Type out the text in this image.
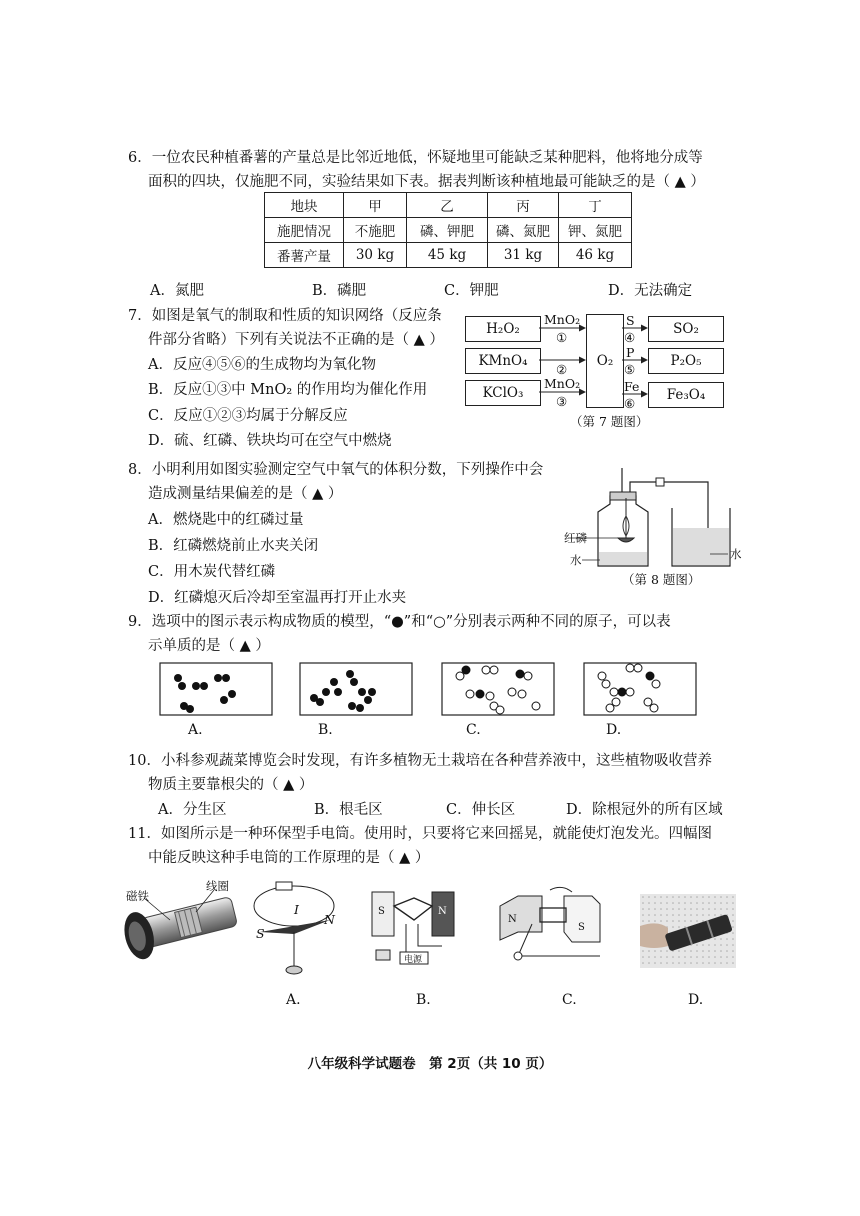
6．一位农民种植番薯的产量总是比邻近地低，怀疑地里可能缺乏某种肥料，他将地分成等
面积的四块，仅施肥不同，实验结果如下表。据表判断该种植地最可能缺乏的是（ ▲ ）
地块	甲	乙	丙	丁
施肥情况	不施肥	磷、钾肥	磷、氮肥	钾、氮肥
番薯产量	30 kg	45 kg	31 kg	46 kg
A．氮肥	B．磷肥	C．钾肥	D．无法确定
7．如图是氧气的制取和性质的知识网络（反应条
件部分省略）下列有关说法不正确的是（ ▲ ）
A．反应④⑤⑥的生成物均为氧化物
B．反应①③中 MnO₂ 的作用均为催化作用
C．反应①②③均属于分解反应
D．硫、红磷、铁块均可在空气中燃烧
H₂O₂
KMnO₄
KClO₃
O₂
SO₂
P₂O₅
Fe₃O₄
MnO₂
①
②
MnO₂
③
S
④
P
⑤
Fe
⑥
（第 7 题图）
8．小明利用如图实验测定空气中氧气的体积分数，下列操作中会
造成测量结果偏差的是（ ▲ ）
A．燃烧匙中的红磷过量
B．红磷燃烧前止水夹关闭
C．用木炭代替红磷
D．红磷熄灭后冷却至室温再打开止水夹
红磷
水	水
（第 8 题图）
9．选项中的图示表示构成物质的模型，“●”和“○”分别表示两种不同的原子，可以表
示单质的是（ ▲ ）
A.	B.	C.	D.
10．小科参观蔬菜博览会时发现，有许多植物无土栽培在各种营养液中，这些植物吸收营养
物质主要靠根尖的（ ▲ ）
A．分生区	B．根毛区	C．伸长区	D．除根冠外的所有区域
11．如图所示是一种环保型手电筒。使用时，只要将它来回摇晃，就能使灯泡发光。四幅图
中能反映这种手电筒的工作原理的是（ ▲ ）
磁铁
线圈
I
S
N
S	N
电源
N
S
A.	B.	C.	D.
八年级科学试题卷　第 2页（共 10 页）
